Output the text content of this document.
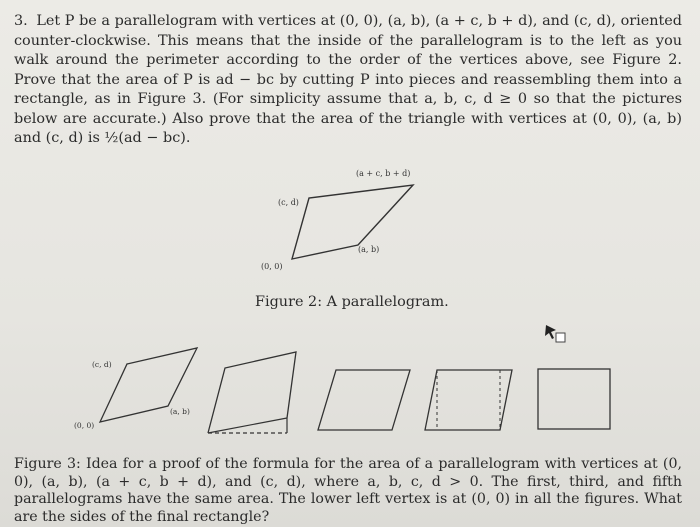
3. Let P be a parallelogram with vertices at (0, 0), (a, b), (a + c, b + d), and (c, d), oriented counter-clockwise. This means that the inside of the parallelogram is to the left as you walk around the perimeter according to the order of the vertices above, see Figure 2. Prove that the area of P is ad − bc by cutting P into pieces and reassembling them into a rectangle, as in Figure 3. (For simplicity assume that a, b, c, d ≥ 0 so that the pictures below are accurate.) Also prove that the area of the triangle with vertices at (0, 0), (a, b) and (c, d) is ½(ad − bc).

(0, 0)
(a, b)
(c, d)
(a + c, b + d)
(0, 0)
(a, b)
(c, d)
Figure 2: A parallelogram.

Figure 3: Idea for a proof of the formula for the area of a parallelogram with vertices at (0, 0), (a, b), (a + c, b + d), and (c, d), where a, b, c, d > 0. The first, third, and fifth parallelograms have the same area. The lower left vertex is at (0, 0) in all the figures. What are the sides of the final rectangle?
